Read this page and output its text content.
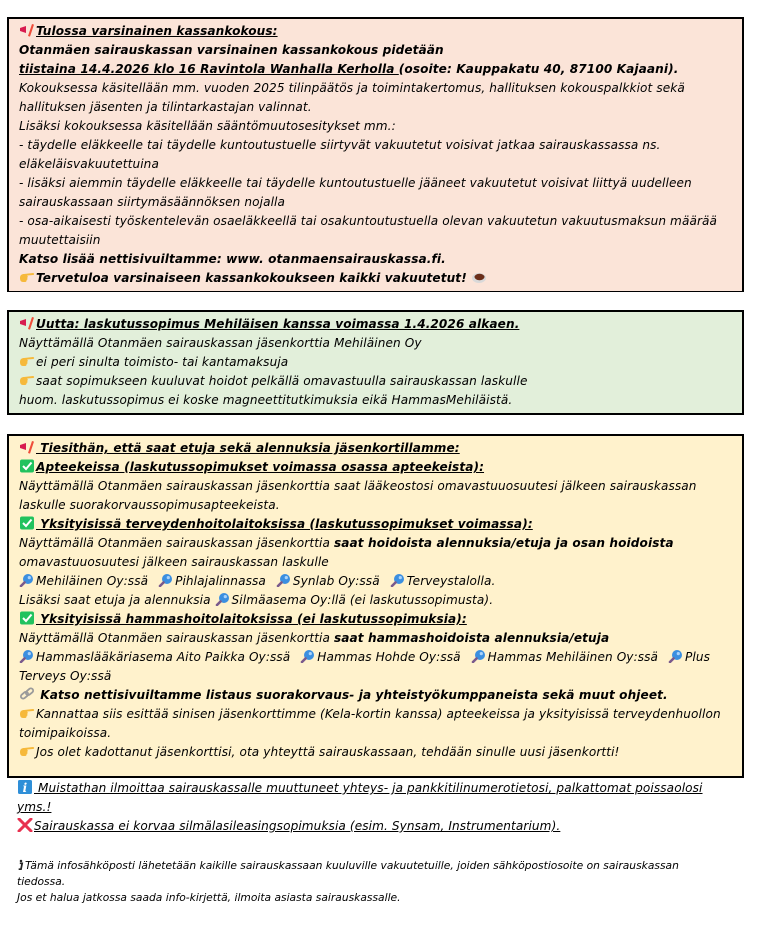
Tulossa varsinainen kassankokous:
Otanmäen sairauskassan varsinainen kassankokous pidetään
tiistaina 14.4.2026 klo 16 Ravintola Wanhalla Kerholla (osoite: Kauppakatu 40, 87100 Kajaani).
Kokouksessa käsitellään mm. vuoden 2025 tilinpäätös ja toimintakertomus, hallituksen kokouspalkkiot sekä
hallituksen jäsenten ja tilintarkastajan valinnat.
Lisäksi kokouksessa käsitellään sääntömuutosesitykset mm.:
- täydelle eläkkeelle tai täydelle kuntoutustuelle siirtyvät vakuutetut voisivat jatkaa sairauskassassa ns.
eläkeläisvakuutettuina
- lisäksi aiemmin täydelle eläkkeelle tai täydelle kuntoutustuelle jääneet vakuutetut voisivat liittyä uudelleen
sairauskassaan siirtymäsäännöksen nojalla
- osa-aikaisesti työskentelevän osaeläkkeellä tai osakuntoutustuella olevan vakuutetun vakuutusmaksun määrää
muutettaisiin
Katso lisää nettisivuiltamme: www. otanmaensairauskassa.fi.
Tervetuloa varsinaiseen kassankokoukseen kaikki vakuutetut!
Uutta: laskutussopimus Mehiläisen kanssa voimassa 1.4.2026 alkaen.
Näyttämällä Otanmäen sairauskassan jäsenkorttia Mehiläinen Oy
ei peri sinulta toimisto- tai kantamaksuja
saat sopimukseen kuuluvat hoidot pelkällä omavastuulla sairauskassan laskulle
huom. laskutussopimus ei koske magneettitutkimuksia eikä HammasMehiläistä.
Tiesithän, että saat etuja sekä alennuksia jäsenkortillamme:
Apteekeissa (laskutussopimukset voimassa osassa apteekeista):
Näyttämällä Otanmäen sairauskassan jäsenkorttia saat lääkeostosi omavastuuosuutesi jälkeen sairauskassan
laskulle suorakorvaussopimusapteekeista.
Yksityisissä terveydenhoitolaitoksissa (laskutussopimukset voimassa):
Näyttämällä Otanmäen sairauskassan jäsenkorttia saat hoidoista alennuksia/etuja ja osan hoidoista
omavastuuosuutesi jälkeen sairauskassan laskulle
Mehiläinen Oy:ssä Pihlajalinnassa Synlab Oy:ssä Terveystalolla.
Lisäksi saat etuja ja alennuksia Silmäasema Oy:llä (ei laskutussopimusta).
Yksityisissä hammashoitolaitoksissa (ei laskutussopimuksia):
Näyttämällä Otanmäen sairauskassan jäsenkorttia saat hammashoidoista alennuksia/etuja
Hammaslääkäriasema Aito Paikka Oy:ssä Hammas Hohde Oy:ssä Hammas Mehiläinen Oy:ssä Plus
Terveys Oy:ssä
Katso nettisivuiltamme listaus suorakorvaus- ja yhteistyökumppaneista sekä muut ohjeet.
Kannattaa siis esittää sinisen jäsenkorttimme (Kela-kortin kanssa) apteekeissa ja yksityisissä terveydenhuollon
toimipaikoissa.
Jos olet kadottanut jäsenkorttisi, ota yhteyttä sairauskassaan, tehdään sinulle uusi jäsenkortti!
Muistathan ilmoittaa sairauskassalle muuttuneet yhteys- ja pankkitilinumerotietosi, palkattomat poissaolosi
yms.!
Sairauskassa ei korvaa silmälasileasingsopimuksia (esim. Synsam, Instrumentarium).
Tämä infosähköposti lähetetään kaikille sairauskassaan kuuluville vakuutetuille, joiden sähköpostiosoite on sairauskassan
tiedossa.
Jos et halua jatkossa saada info-kirjettä, ilmoita asiasta sairauskassalle.
